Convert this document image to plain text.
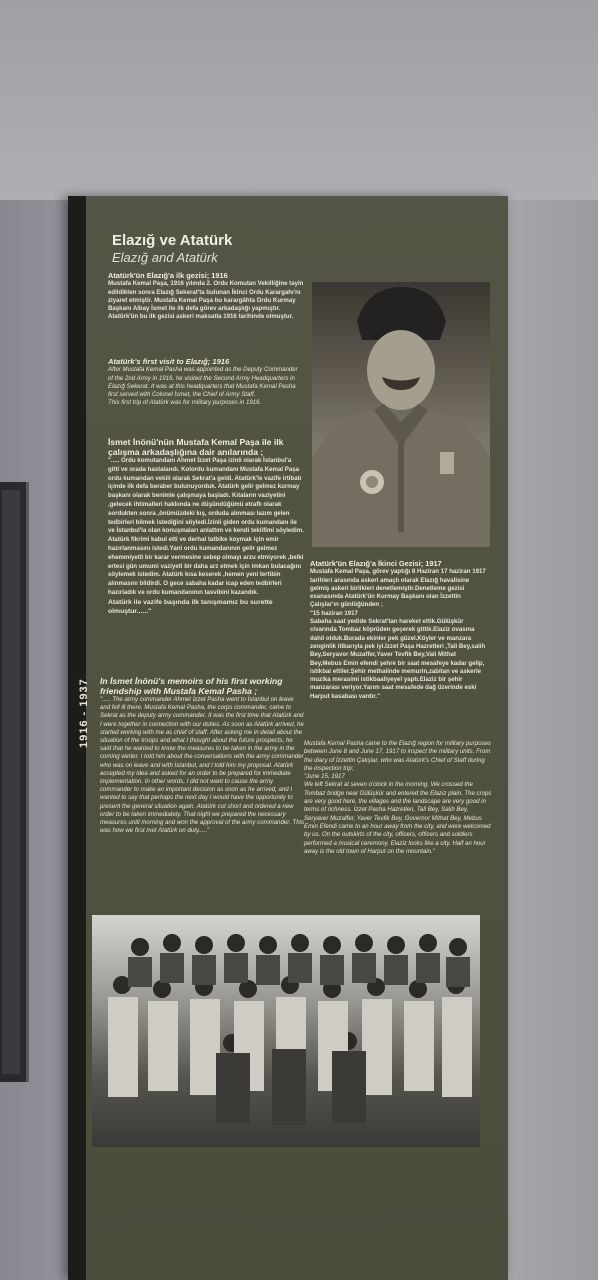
1916 - 1937
Elazığ ve Atatürk
Elazığ and Atatürk
Atatürk'ün Elazığ'a ilk gezisi; 1916
Mustafa Kemal Paşa, 1916 yılında 2. Ordu Komutan Vekilliğine tayin edildikten sonra Elazığ Sekerat'ta bulunan İkinci Ordu Karargahı'nı ziyaret etmiştir. Mustafa Kemal Paşa bu karargâhta Ordu Kurmay Başkanı Albay İsmet ile ilk defa görev arkadaşlığı yapmıştır. Atatürk'ün bu ilk gezisi askeri maksatla 1916 tarihinde olmuştur.
Atatürk's first visit to Elazığ; 1916
After Mustafa Kemal Pasha was appointed as the Deputy Commander of the 2nd Army in 1916, he visited the Second Army Headquarters in Elazığ Sekerat. It was at this headquarters that Mustafa Kemal Pasha first served with Colonel İsmet, the Chief of Army Staff.
This first trip of Atatürk was for military purposes in 1916.
İsmet İnönü'nün Mustafa Kemal Paşa ile ilk çalışma arkadaşlığına dair anılarında ;
"..... Ordu komutandanı Ahmet İzzet Paşa izinli olarak İstanbul'a gitti ve orada hastalandı. Kolordu kumandanı Mustafa Kemal Paşa ordu kumandan vekili olarak Sekrat'a geldi. Atatürk'le vazife irtibatı içinde ilk defa beraber bulunuyorduk. Atatürk gelir gelmez kurmay başkanı olarak benimle çalışmaya başladı. Kıtaların vaziyetini ,gelecek ihtimalleri hakkında ne düşündüğümü etraflı olarak sordukten sonra ,önümüzdeki kış, orduda alınması lazım gelen tedbirleri bilmek istediğini söyledi.İzinli giden ordu kumandanı ile ve İstanbul'la olan konuşmaları anlattım ve kendi teklifimi söyledim. Atatürk fikrimi kabul etti ve derhal tatbike koymak için emir hazırlanmasını istedi.Yani ordu kumandanının gelir gelmez ehemmiyetli bir karar vermesine sebep olmayı arzu etmiyorek ,belki ertesi gün umumi vaziyeti bir daha arz etmek için imkan bulacağını söylemek istedim. Atatürk kısa keserek ,hemen yeni tertibin alınmasını bildirdi. O gece sabaha kadar icap eden tedbirleri hazırladık ve ordu kumandanının tasvibini kazandık.
Atatürk ile vazife başında ilk tanışmamız bu surette olmuştur......"
In İsmet İnönü's memoirs of his first working friendship with Mustafa Kemal Pasha ;
"..... The army commander Ahmet İzzet Pasha went to İstanbul on leave and fell ill there. Mustafa Kemal Pasha, the corps commander, came to Sekrat as the deputy army commander. It was the first time that Atatürk and I were together in connection with our duties. As soon as Atatürk arrived, he started working with me as chief of staff. After asking me in detail about the situation of the troops and what I thought about the future prospects, he said that he wanted to know the measures to be taken in the army in the coming winter. I told him about the conversations with the army commander who was on leave and with İstanbul, and I told him my proposal. Atatürk accepted my idea and asked for an order to be prepared for immediate implementation. In other words, I did not want to cause the army commander to make an important decision as soon as he arrived, and I wanted to say that perhaps the next day I would have the opportunity to present the general situation again. Atatürk cut short and ordered a new order to be taken immediately. That night we prepared the necessary measures until morning and won the approval of the army commander. This was how we first met Atatürk on duty....."
Atatürk'ün Elazığ'a İkinci Gezisi; 1917
Mustafa Kemal Paşa, görev yaptığı 8 Haziran 17 haziran 1917 tarihleri arasında askeri amaçlı olarak Elazığ havalisine gelmiş askeri birlikleri denetlemiştir.Denetleme gezisi esanasında Atatürk'ün Kurmay Başkanı olan İzzettin Çalışlar'ın günlüğünden ;
"15 haziran 1917
Sabaha saat yedide Sekrat'tan hareket ettik.Gülüşkür civarında Tombaz köprüden geçerek gittik.Elaziz ovasına dahil olduk.Burada ekinler pek güzel.Köyler ve manzara zenginlik itibarıyla pek iyi.İzzet Paşa Hazretleri ,Tali Bey,salih Bey,Seryavor Muzaffer,Yaver Tevfik Bey,Vali Mithat Bey,Mebus Emin efendi şehre bir saat mesafeye kadar gelip, istikbal ettiler.Şehir methalinde memurin,zabitan ve askerle muzika merasimi istikbaaliyeyel yaptı.Elaziz bir şehir manzarası veriyor.Yarım saat mesafede dağ üzerinde eski Harput kasabası vardır."
Mustafa Kemal Pasha came to the Elazığ region for military purposes between June 8 and June 17, 1917 to inspect the military units. From the diary of İzzettin Çalışlar, who was Atatürk's Chief of Staff during the inspection trip;
"June 15, 1917
We left Sekrat at seven o'clock in the morning. We crossed the Tombaz bridge near Gülüşkür and entered the Elaziz plain. The crops are very good here, the villages and the landscape are very good in terms of richness. İzzet Pasha Hazretleri, Tali Bey, Salih Bey, Seryaver Muzaffer, Yaver Tevfik Bey, Governor Mithat Bey, Mebus Emin Efendi came to an hour away from the city, and were welcomed by us. On the outskirts of the city, officers, officers and soldiers performed a musical ceremony. Elaziz looks like a city. Half an hour away is the old town of Harput on the mountain."
